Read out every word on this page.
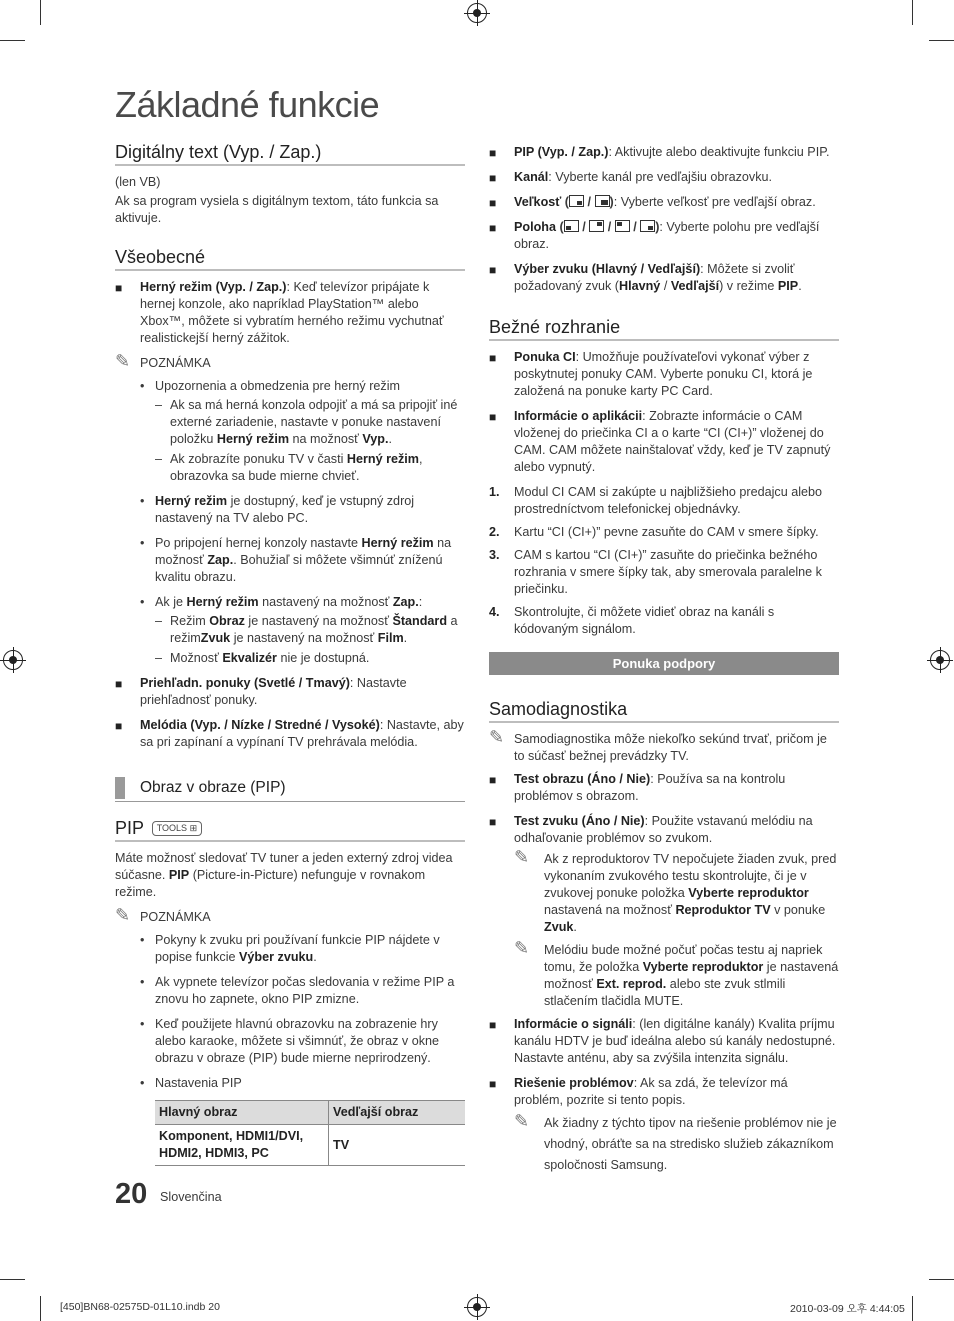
Základné funkcie
Digitálny text (Vyp. / Zap.)

(len VB)

Ak sa program vysiela s digitálnym textom, táto funkcia sa aktivuje.

Všeobecné
■ Herný režim (Vyp. / Zap.): Keď televízor pripájate k hernej konzole, ako napríklad PlayStation™ alebo Xbox™, môžete si vybratím herného režimu vychutnať realistickejší herný zážitok.
✎ POZNÁMKA
• Upozornenia a obmedzenia pre herný režim
– Ak sa má herná konzola odpojiť a má sa pripojiť iné externé zariadenie, nastavte v ponuke nastavení položku Herný režim na možnosť Vyp..
– Ak zobrazíte ponuku TV v časti Herný režim, obrazovka sa bude mierne chvieť.
• Herný režim je dostupný, keď je vstupný zdroj nastavený na TV alebo PC.
• Po pripojení hernej konzoly nastavte Herný režim na možnosť Zap.. Bohužiaľ si môžete všimnúť zníženú kvalitu obrazu.
• Ak je Herný režim nastavený na možnosť Zap.:
– Režim Obraz je nastavený na možnosť Štandard a režimZvuk je nastavený na možnosť Film.
– Možnosť Ekvalizér nie je dostupná.
■ Priehľadn. ponuky (Svetlé / Tmavý): Nastavte priehľadnosť ponuky.
■ Melódia (Vyp. / Nízke / Stredné / Vysoké): Nastavte, aby sa pri zapínaní a vypínaní TV prehrávala melódia.
Obraz v obraze (PIP)
PIP TOOLS ⊞

Máte možnosť sledovať TV tuner a jeden externý zdroj videa súčasne. PIP (Picture-in-Picture) nefunguje v rovnakom režime.

✎ POZNÁMKA
• Pokyny k zvuku pri používaní funkcie PIP nájdete v popise funkcie Výber zvuku.
• Ak vypnete televízor počas sledovania v režime PIP a znovu ho zapnete, okno PIP zmizne.
• Keď použijete hlavnú obrazovku na zobrazenie hry alebo karaoke, môžete si všimnúť, že obraz v okne obrazu v obraze (PIP) bude mierne neprirodzený.
• Nastavenia PIP
Hlavný obraz	Vedľajší obraz
Komponent, HDMI1/DVI, HDMI2, HDMI3, PC	TV
■ PIP (Vyp. / Zap.): Aktivujte alebo deaktivujte funkciu PIP.
■ Kanál: Vyberte kanál pre vedľajšiu obrazovku.
■ Veľkosť ( / ): Vyberte veľkosť pre vedľajší obraz.
■ Poloha ( / / / ): Vyberte polohu pre vedľajší obraz.
■ Výber zvuku (Hlavný / Vedľajší): Môžete si zvoliť požadovaný zvuk (Hlavný / Vedľajší) v režime PIP.
Bežné rozhranie
■ Ponuka CI: Umožňuje používateľovi vykonať výber z poskytnutej ponuky CAM. Vyberte ponuku CI, ktorá je založená na ponuke karty PC Card.
■ Informácie o aplikácii: Zobrazte informácie o CAM vloženej do priečinka CI a o karte “CI (CI+)” vloženej do CAM. CAM môžete nainštalovať vždy, keď je TV zapnutý alebo vypnutý.
1. Modul CI CAM si zakúpte u najbližšieho predajcu alebo prostredníctvom telefonickej objednávky.
2. Kartu “CI (CI+)” pevne zasuňte do CAM v smere šípky.
3. CAM s kartou “CI (CI+)” zasuňte do priečinka bežného rozhrania v smere šípky tak, aby smerovala paralelne k priečinku.
4. Skontrolujte, či môžete vidieť obraz na kanáli s kódovaným signálom.
Ponuka podpory
Samodiagnostika
✎ Samodiagnostika môže niekoľko sekúnd trvať, pričom je to súčasť bežnej prevádzky TV.
■ Test obrazu (Áno / Nie): Používa sa na kontrolu problémov s obrazom.
■ Test zvuku (Áno / Nie): Použite vstavanú melódiu na odhaľovanie problémov so zvukom.
✎ Ak z reproduktorov TV nepočujete žiaden zvuk, pred vykonaním zvukového testu skontrolujte, či je v zvukovej ponuke položka Vyberte reproduktor nastavená na možnosť Reproduktor TV v ponuke Zvuk.
✎ Melódiu bude možné počuť počas testu aj napriek tomu, že položka Vyberte reproduktor je nastavená možnosť Ext. reprod. alebo ste zvuk stlmili stlačením tlačidla MUTE.
■ Informácie o signáli: (len digitálne kanály) Kvalita príjmu kanálu HDTV je buď ideálna alebo sú kanály nedostupné. Nastavte anténu, aby sa zvýšila intenzita signálu.
■ Riešenie problémov: Ak sa zdá, že televízor má problém, pozrite si tento popis.
✎ Ak žiadny z týchto tipov na riešenie problémov nie je vhodný, obráťte sa na stredisko služieb zákazníkom spoločnosti Samsung.
20 Slovenčina
[450]BN68-02575D-01L10.indb 20	2010-03-09 오후 4:44:05
